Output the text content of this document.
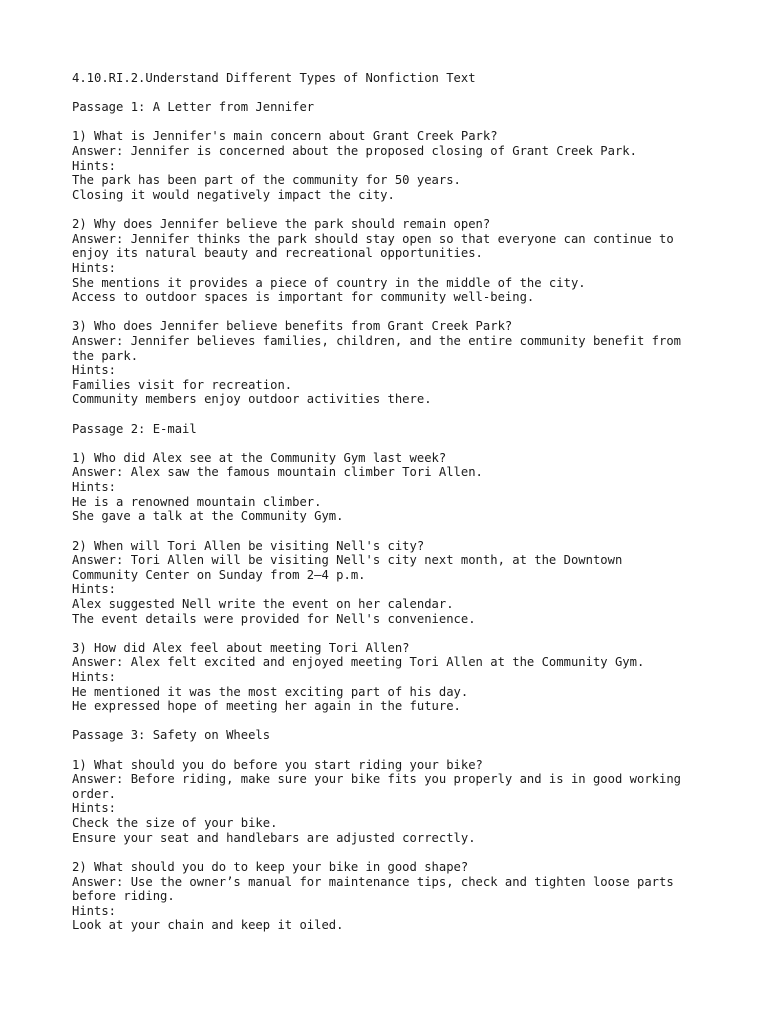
4.10.RI.2.Understand Different Types of Nonfiction Text
Passage 1: A Letter from Jennifer
1) What is Jennifer's main concern about Grant Creek Park?
Answer: Jennifer is concerned about the proposed closing of Grant Creek Park.
Hints:
The park has been part of the community for 50 years.
Closing it would negatively impact the city.
2) Why does Jennifer believe the park should remain open?
Answer: Jennifer thinks the park should stay open so that everyone can continue to
enjoy its natural beauty and recreational opportunities.
Hints:
She mentions it provides a piece of country in the middle of the city.
Access to outdoor spaces is important for community well-being.
3) Who does Jennifer believe benefits from Grant Creek Park?
Answer: Jennifer believes families, children, and the entire community benefit from
the park.
Hints:
Families visit for recreation.
Community members enjoy outdoor activities there.
Passage 2: E-mail
1) Who did Alex see at the Community Gym last week?
Answer: Alex saw the famous mountain climber Tori Allen.
Hints:
He is a renowned mountain climber.
She gave a talk at the Community Gym.
2) When will Tori Allen be visiting Nell's city?
Answer: Tori Allen will be visiting Nell's city next month, at the Downtown
Community Center on Sunday from 2–4 p.m.
Hints:
Alex suggested Nell write the event on her calendar.
The event details were provided for Nell's convenience.
3) How did Alex feel about meeting Tori Allen?
Answer: Alex felt excited and enjoyed meeting Tori Allen at the Community Gym.
Hints:
He mentioned it was the most exciting part of his day.
He expressed hope of meeting her again in the future.
Passage 3: Safety on Wheels
1) What should you do before you start riding your bike?
Answer: Before riding, make sure your bike fits you properly and is in good working
order.
Hints:
Check the size of your bike.
Ensure your seat and handlebars are adjusted correctly.
2) What should you do to keep your bike in good shape?
Answer: Use the owner’s manual for maintenance tips, check and tighten loose parts
before riding.
Hints:
Look at your chain and keep it oiled.
